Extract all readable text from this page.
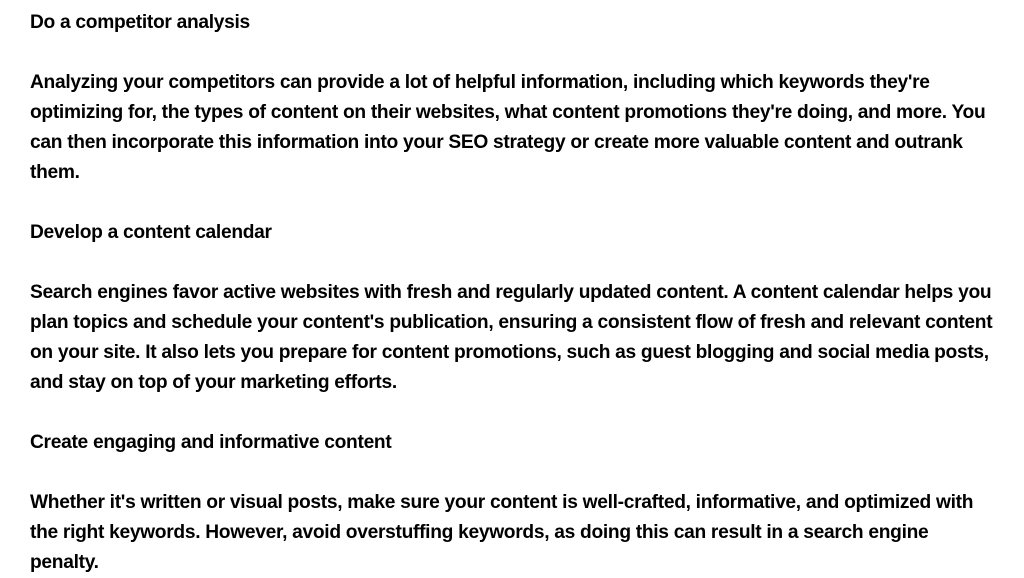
Do a competitor analysis

Analyzing your competitors can provide a lot of helpful information, including which keywords they're optimizing for, the types of content on their websites, what content promotions they're doing, and more. You can then incorporate this information into your SEO strategy or create more valuable content and outrank them.

Develop a content calendar

Search engines favor active websites with fresh and regularly updated content. A content calendar helps you plan topics and schedule your content's publication, ensuring a consistent flow of fresh and relevant content on your site. It also lets you prepare for content promotions, such as guest blogging and social media posts, and stay on top of your marketing efforts.

Create engaging and informative content

Whether it's written or visual posts, make sure your content is well-crafted, informative, and optimized with the right keywords. However, avoid overstuffing keywords, as doing this can result in a search engine penalty.
